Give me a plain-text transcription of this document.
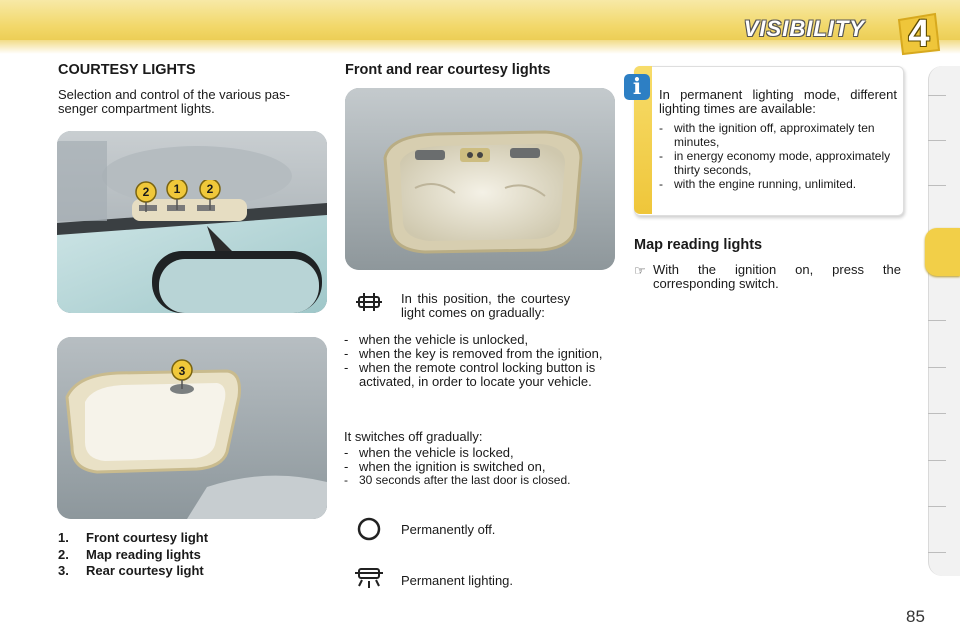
VISIBILITY	4
COURTESY LIGHTS
Selection and control of the various pas-
senger compartment lights.
2 1 2
3
1. Front courtesy light
2. Map reading lights
3. Rear courtesy light
Front and rear courtesy lights
In this position, the courtesy
light comes on gradually:
- when the vehicle is unlocked,
- when the key is removed from the ignition,
- when the remote control locking button is activated, in order to locate your vehicle.
It switches off gradually:
- when the vehicle is locked,
- when the ignition is switched on,
- 30 seconds after the last door is closed.
Permanently off.
Permanent lighting.
i	In permanent lighting mode, different lighting times are available:
- with the ignition off, approximately ten minutes,
- in energy economy mode, approximately thirty seconds,
- with the engine running, unlimited.
Map reading lights
☞ With the ignition on, press the corresponding switch.
85
